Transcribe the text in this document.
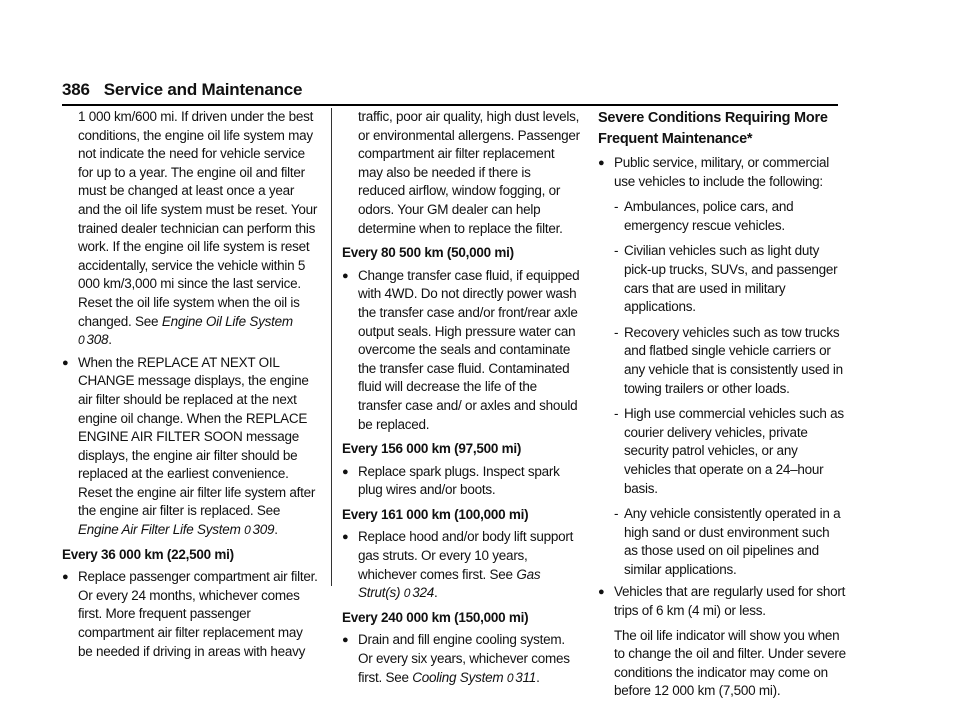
386 Service and Maintenance

1 000 km/600 mi. If driven under the best conditions, the engine oil life system may not indicate the need for vehicle service for up to a year. The engine oil and filter must be changed at least once a year and the oil life system must be reset. Your trained dealer technician can perform this work. If the engine oil life system is reset accidentally, service the vehicle within 5 000 km/3,000 mi since the last service. Reset the oil life system when the oil is changed. See Engine Oil Life System
0 308.

● When the REPLACE AT NEXT OIL CHANGE message displays, the engine air filter should be replaced at the next engine oil change. When the REPLACE ENGINE AIR FILTER SOON message displays, the engine air filter should be replaced at the earliest convenience. Reset the engine air filter life system after the engine air filter is replaced. See Engine Air Filter Life System 0 309.

Every 36 000 km (22,500 mi)

● Replace passenger compartment air filter. Or every 24 months, whichever comes first. More frequent passenger compartment air filter replacement may be needed if driving in areas with heavy

traffic, poor air quality, high dust levels, or environmental allergens. Passenger compartment air filter replacement may also be needed if there is reduced airflow, window fogging, or odors. Your GM dealer can help determine when to replace the filter.

Every 80 500 km (50,000 mi)

● Change transfer case fluid, if equipped with 4WD. Do not directly power wash the transfer case and/or front/rear axle output seals. High pressure water can overcome the seals and contaminate the transfer case fluid. Contaminated fluid will decrease the life of the transfer case and/ or axles and should be replaced.

Every 156 000 km (97,500 mi)

● Replace spark plugs. Inspect spark plug wires and/or boots.

Every 161 000 km (100,000 mi)

● Replace hood and/or body lift support gas struts. Or every 10 years, whichever comes first. See Gas Strut(s) 0 324.

Every 240 000 km (150,000 mi)

● Drain and fill engine cooling system. Or every six years, whichever comes first. See Cooling System 0 311.

Severe Conditions Requiring More Frequent Maintenance*

● Public service, military, or commercial use vehicles to include the following:
- Ambulances, police cars, and emergency rescue vehicles.
- Civilian vehicles such as light duty pick-up trucks, SUVs, and passenger cars that are used in military applications.
- Recovery vehicles such as tow trucks and flatbed single vehicle carriers or any vehicle that is consistently used in towing trailers or other loads.
- High use commercial vehicles such as courier delivery vehicles, private security patrol vehicles, or any vehicles that operate on a 24–hour basis.
- Any vehicle consistently operated in a high sand or dust environment such as those used on oil pipelines and similar applications.
● Vehicles that are regularly used for short trips of 6 km (4 mi) or less.

The oil life indicator will show you when to change the oil and filter. Under severe conditions the indicator may come on before 12 000 km (7,500 mi).
